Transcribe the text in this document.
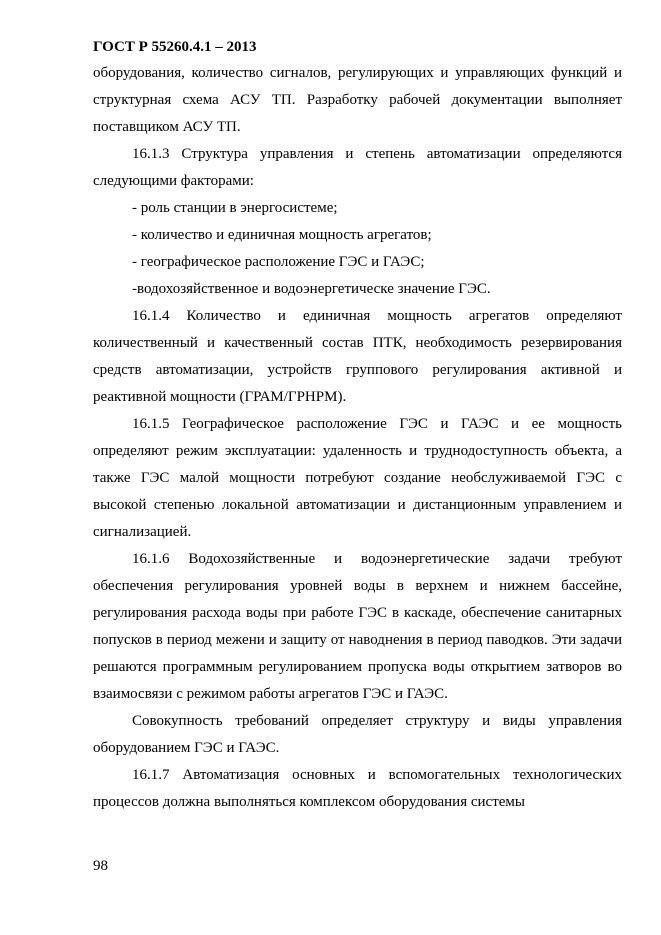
ГОСТ Р 55260.4.1 – 2013

оборудования, количество сигналов, регулирующих и управляющих функций и структурная схема АСУ ТП. Разработку рабочей документации выполняет поставщиком АСУ ТП.

16.1.3 Структура управления и степень автоматизации определяются следующими факторами:

- роль станции в энергосистеме;

- количество и единичная мощность агрегатов;

- географическое расположение ГЭС и ГАЭС;

-водохозяйственное и водоэнергетическе значение ГЭС.

16.1.4 Количество и единичная мощность агрегатов определяют количественный и качественный состав ПТК, необходимость резервирования средств автоматизации, устройств группового регулирования активной и реактивной мощности (ГРАМ/ГРНРМ).

16.1.5 Географическое расположение ГЭС и ГАЭС и ее мощность определяют режим эксплуатации: удаленность и труднодоступность объекта, а также ГЭС малой мощности потребуют создание необслуживаемой ГЭС с высокой степенью локальной автоматизации и дистанционным управлением и сигнализацией.

16.1.6 Водохозяйственные и водоэнергетические задачи требуют обеспечения регулирования уровней воды в верхнем и нижнем бассейне, регулирования расхода воды при работе ГЭС в каскаде, обеспечение санитарных попусков в период межени и защиту от наводнения в период паводков. Эти задачи решаются программным регулированием пропуска воды открытием затворов во взаимосвязи с режимом работы агрегатов ГЭС и ГАЭС.

Совокупность требований определяет структуру и виды управления оборудованием ГЭС и ГАЭС.

16.1.7 Автоматизация основных и вспомогательных технологических процессов должна выполняться комплексом оборудования системы

98
